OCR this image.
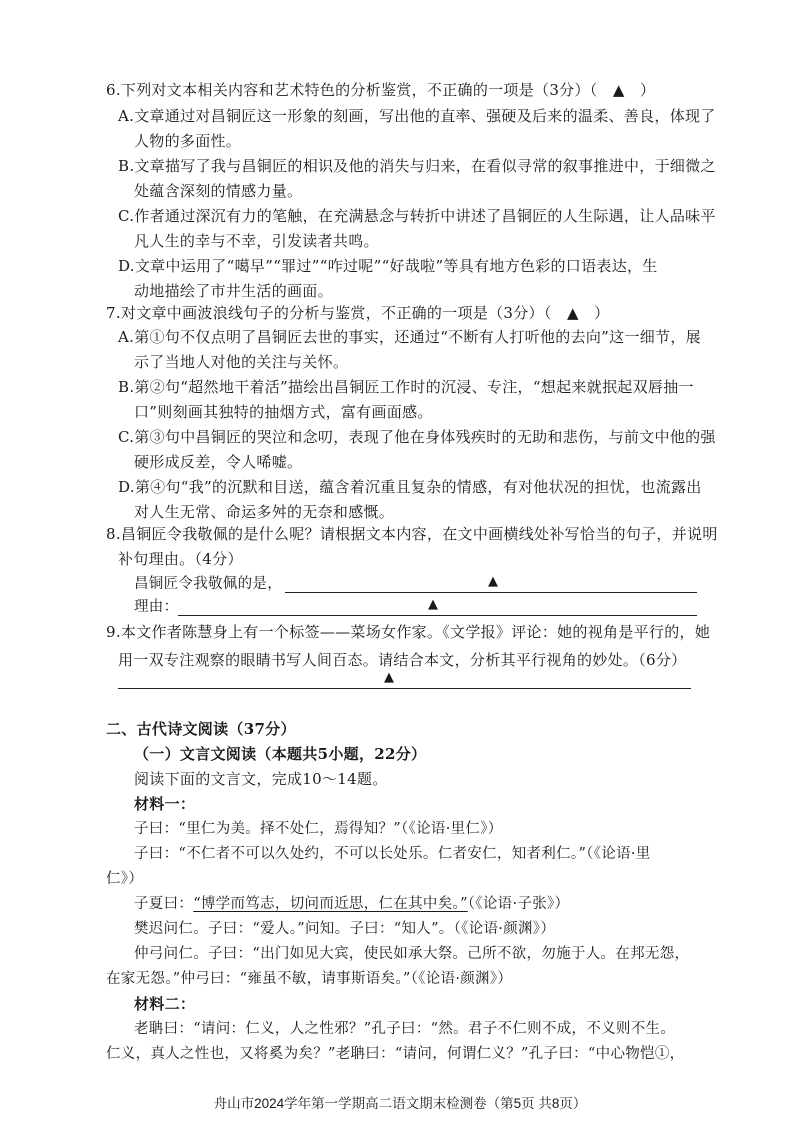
6.下列对文本相关内容和艺术特色的分析鉴赏，不正确的一项是（3分）（　▲　）
A.文章通过对昌铜匠这一形象的刻画，写出他的直率、强硬及后来的温柔、善良，体现了
人物的多面性。
B.文章描写了我与昌铜匠的相识及他的消失与归来，在看似寻常的叙事推进中，于细微之
处蕴含深刻的情感力量。
C.作者通过深沉有力的笔触，在充满悬念与转折中讲述了昌铜匠的人生际遇，让人品味平
凡人生的幸与不幸，引发读者共鸣。
D.文章中运用了“噶早”“罪过”“咋过呢”“好哉啦”等具有地方色彩的口语表达，生
动地描绘了市井生活的画面。
7.对文章中画波浪线句子的分析与鉴赏，不正确的一项是（3分）（　▲　）
A.第①句不仅点明了昌铜匠去世的事实，还通过“不断有人打听他的去向”这一细节，展
示了当地人对他的关注与关怀。
B.第②句“超然地干着活”描绘出昌铜匠工作时的沉浸、专注，“想起来就抿起双唇抽一
口”则刻画其独特的抽烟方式，富有画面感。
C.第③句中昌铜匠的哭泣和念叨，表现了他在身体残疾时的无助和悲伤，与前文中他的强
硬形成反差，令人唏嘘。
D.第④句“我”的沉默和目送，蕴含着沉重且复杂的情感，有对他状况的担忧，也流露出
对人生无常、命运多舛的无奈和感慨。
8.昌铜匠令我敬佩的是什么呢？请根据文本内容，在文中画横线处补写恰当的句子，并说明
补句理由。（4分）
昌铜匠令我敬佩的是，	▲
理由：	▲
9.本文作者陈慧身上有一个标签——菜场女作家。《文学报》评论：她的视角是平行的，她
用一双专注观察的眼睛书写人间百态。请结合本文，分析其平行视角的妙处。（6分）
▲
二、古代诗文阅读（37分）
（一）文言文阅读（本题共5小题，22分）
阅读下面的文言文，完成10～14题。
材料一：
子曰：“里仁为美。择不处仁，焉得知？”（《论语·里仁》）
子曰：“不仁者不可以久处约，不可以长处乐。仁者安仁，知者利仁。”（《论语·里
仁》）
子夏曰：“博学而笃志，切问而近思，仁在其中矣。”（《论语·子张》）
樊迟问仁。子曰：“爱人。”问知。子曰：“知人”。（《论语·颜渊》）
仲弓问仁。子曰：“出门如见大宾，使民如承大祭。己所不欲，勿施于人。在邦无怨，
在家无怨。”仲弓曰：“雍虽不敏，请事斯语矣。”（《论语·颜渊》）
材料二：
老聃曰：“请问：仁义，人之性邪？”孔子曰：“然。君子不仁则不成，不义则不生。
仁义，真人之性也，又将奚为矣？”老聃曰：“请问，何谓仁义？”孔子曰：“中心物恺①，
舟山市2024学年第一学期高二语文期末检测卷（第5页 共8页）
